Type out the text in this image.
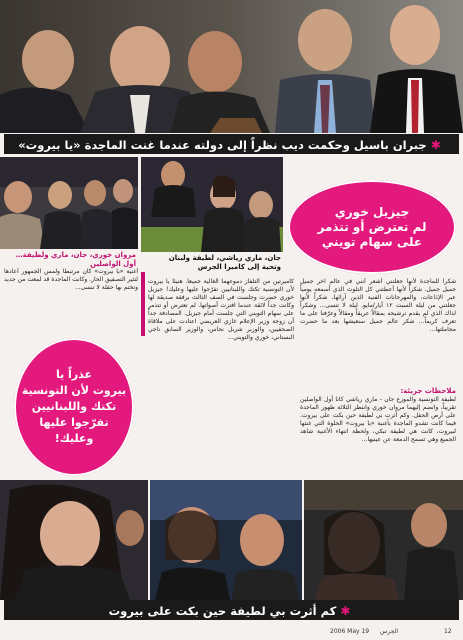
✱جبران باسيل وحكمت ديب نظراً إلى دولته عندما غنت الماجدة «يا بيروت»
مروان خوري، جان، ماري ولطيفة…
أول الواصلين
جان، ماري رياشي، لطيفة ولبنان
وتحية إلى كاميرا الجرس
جيزيل خوري
لم تعترض أو تتذمر
على سهام تويني
شكراً للماجدة لأنها جعلتني أشعر أنني في عالم آخر جميل جميل جميل. شكراً لأنها أعطتني كل التلوث الذي أسمعه يومياً عبر الإذاعات، والمهرجانات الفنية الذين آرائها، شكراً لأنها جعلتني من ليلة السبت ١٢ أيار/مايو. ليلة لا تنسى... وشكراً لذاك الذي لم يقدم ترشيحه بمقالاً عريقاً ومقالاً وعرّفنا على ما تعرف كريماً... شكر عالم جميل سنعيشها بعد ما حضرت مجاملتها...
ملاحظات جريئة:
لطيفة التونسية والموزع جان - ماري رياشي كانا أول الواصلين تقريباً، وانضم إليهما مروان خوري وانتظر الثلاثة ظهور الماجدة على أرض الحفل. وكم أثرت بي لطيفة حين بكت على بيروت. فيما كانت تشدو الماجدة بأغنية «يا بيروت» الحلوة التي غنتها لبيروت، كانت هي لطيفة تبكي، ولحظة انتهاء الأغنية شاهد الجميع وهي تسمح الدمعة عن عينيها...
كاميرتين من التلفاز دموعهما الغالية جميعاً. هنيئاً يا بيروت لأن التونسية تكتك واللبنانيين تفرّجوا عليها وعليك! جيزيل خوري حضرت وجلست في الصف الثالث برفقة صديقة لها وكانت جداً لائقة عندما افترت أصواتها. لم تعترض أو تتذمر على سهام التويني التي جلست أمام جيزيل. المصادفة جداً أن زوجة وزير الإعلام غازي العريضي اعتادت على ملاقاة الصحفيين، والوزير شربل نحاس، والوزير السابق ناجي البستاني، خوري والتويني...
أغنية «يا بيروت» كان مرتبطاً ولمس الجمهور أعادها لتثير التصفيق الحار. وكانت الماجدة قد لمعت من جديد وتختم بها حفلة لا تنسى...
عذراً يا
بيروت لأن التونسية
تكتك واللبنانيين
تفرّجوا عليها
وعليك!
✱كم أثرت بي لطيفة حين بكت على بيروت
الجرس
2006 May 19	12
